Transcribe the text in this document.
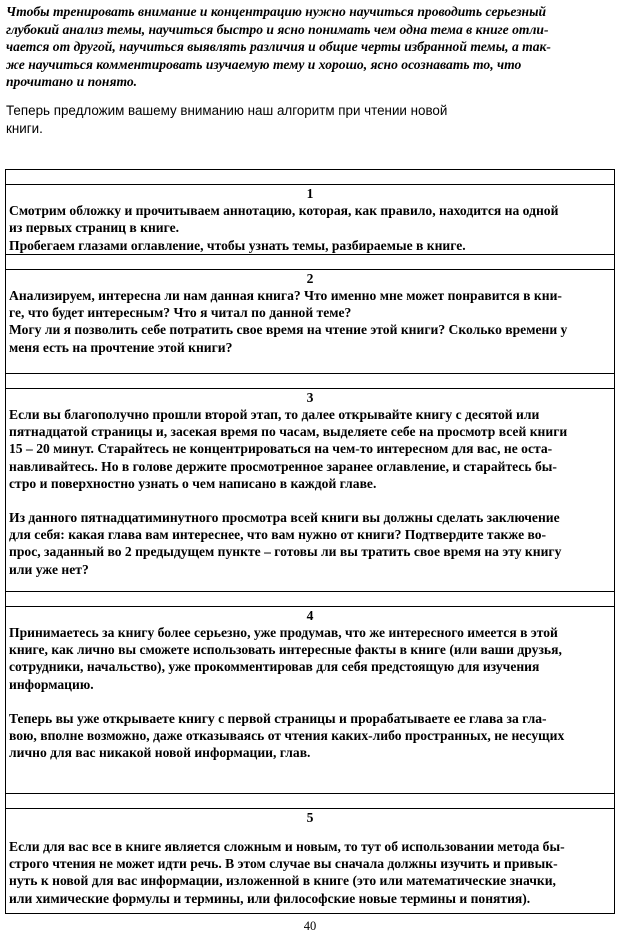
Чтобы тренировать внимание и концентрацию нужно научиться проводить серьезный
глубокий анализ темы, научиться быстро и ясно понимать чем одна тема в книге отли-
чается от другой, научиться выявлять различия и общие черты избранной темы, а так-
же научиться комментировать изучаемую тему и хорошо, ясно осознавать то, что
прочитано и понято.

Теперь предложим вашему вниманию наш алгоритм при чтении новой
книги.

1
Смотрим обложку и прочитываем аннотацию, которая, как правило, находится на одной
из первых страниц в книге.
Пробегаем глазами оглавление, чтобы узнать темы, разбираемые в книге.

2
Анализируем, интересна ли нам данная книга? Что именно мне может понравится в кни-
ге, что будет интересным? Что я читал по данной теме?
Могу ли я позволить себе потратить свое время на чтение этой книги? Сколько времени у
меня есть на прочтение этой книги?

3
Если вы благополучно прошли второй этап, то далее открывайте книгу с десятой или
пятнадцатой страницы и, засекая время по часам, выделяете себе на просмотр всей книги
15 – 20 минут. Старайтесь не концентрироваться на чем-то интересном для вас, не оста-
навливайтесь. Но в голове держите просмотренное заранее оглавление, и старайтесь бы-
стро и поверхностно узнать о чем написано в каждой главе.
Из данного пятнадцатиминутного просмотра всей книги вы должны сделать заключение
для себя: какая глава вам интереснее, что вам нужно от книги? Подтвердите также во-
прос, заданный во 2 предыдущем пункте – готовы ли вы тратить свое время на эту книгу
или уже нет?

4
Принимаетесь за книгу более серьезно, уже продумав, что же интересного имеется в этой
книге, как лично вы сможете использовать интересные факты в книге (или ваши друзья,
сотрудники, начальство), уже прокомментировав для себя предстоящую для изучения
информацию.
Теперь вы уже открываете книгу с первой страницы и прорабатываете ее глава за гла-
вою, вполне возможно, даже отказываясь от чтения каких-либо пространных, не несущих
лично для вас никакой новой информации, глав.

5
Если для вас все в книге является сложным и новым, то тут об использовании метода бы-
строго чтения не может идти речь. В этом случае вы сначала должны изучить и привык-
нуть к новой для вас информации, изложенной в книге (это или математические значки,
или химические формулы и термины, или философские новые термины и понятия).
40
